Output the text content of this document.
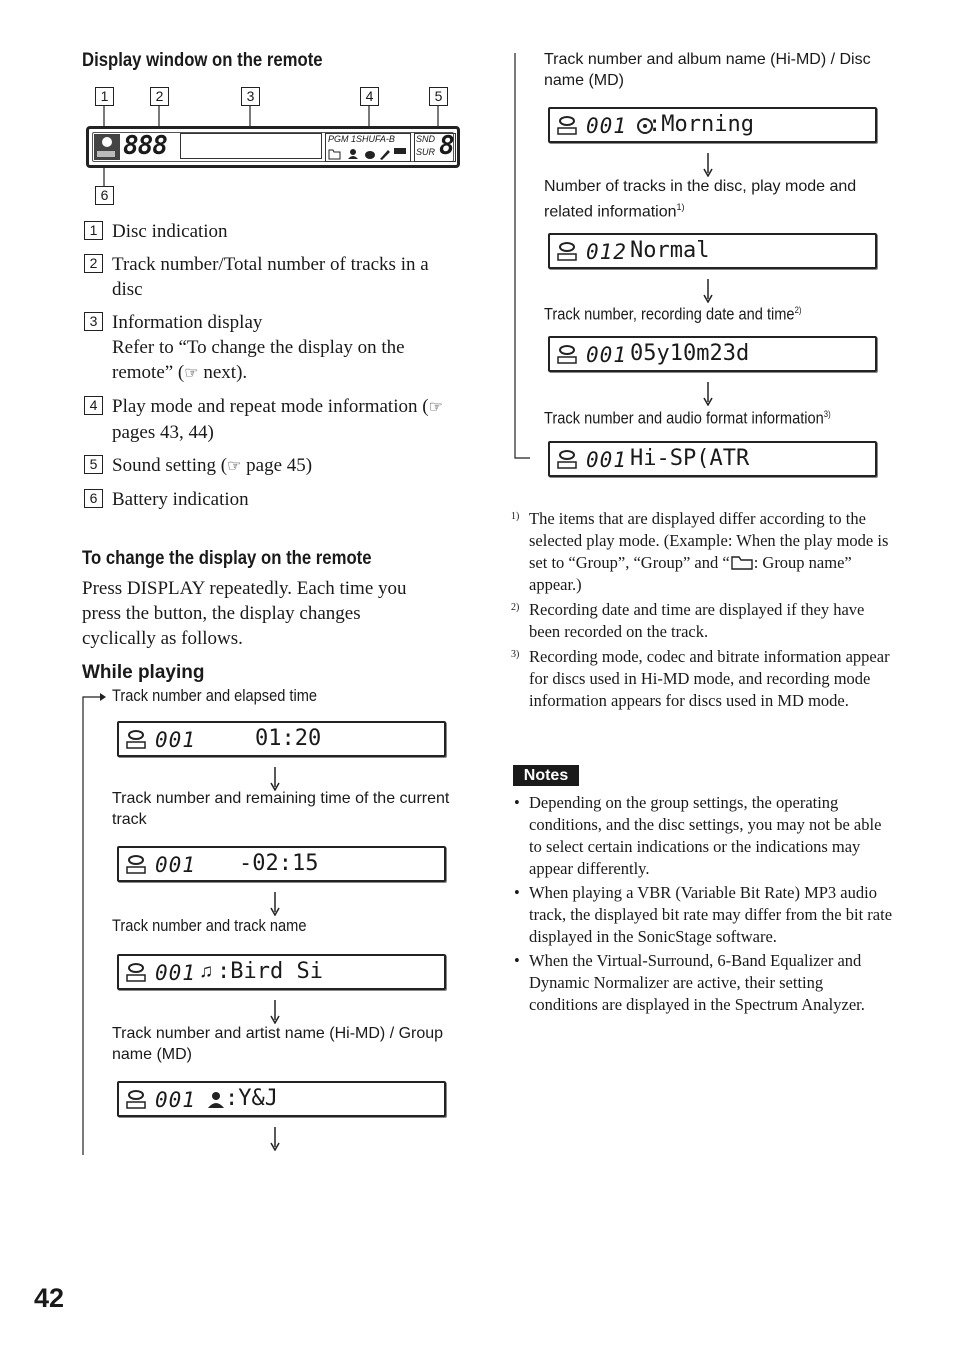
Display window on the remote
1	2	3	4	5
6
888	PGM 1SHUFA-B SND
SUR 8
1 Disc indication
2 Track number/Total number of tracks in a disc
3 Information display
Refer to “To change the display on the remote” (☞ next).
4 Play mode and repeat mode information (☞ pages 43, 44)
5 Sound setting (☞ page 45)
6 Battery indication
To change the display on the remote

Press DISPLAY repeatedly. Each time you press the button, the display changes cyclically as follows.

While playing
Track number and elapsed time
001	01:20
Track number and remaining time of the current track
001 -02:15
Track number and track name
001 ♫ :Bird Si
Track number and artist name (Hi-MD) / Group name (MD)
001 :Y&J
Track number and album name (Hi-MD) / Disc name (MD)
001 :Morning
Number of tracks in the disc, play mode and related information$^{1)}$
012 Normal
Track number, recording date and time$^{2)}$
001 05y10m23d
Track number and audio format information$^{3)}$
001 Hi-SP(ATR
1) The items that are displayed differ according to the selected play mode. (Example: When the play mode is set to “Group”, “Group” and “ : Group name” appear.)
2) Recording date and time are displayed if they have been recorded on the track.
3) Recording mode, codec and bitrate information appear for discs used in Hi-MD mode, and recording mode information appears for discs used in MD mode.
Notes
• Depending on the group settings, the operating conditions, and the disc settings, you may not be able to select certain indications or the indications may appear differently.
• When playing a VBR (Variable Bit Rate) MP3 audio track, the displayed bit rate may differ from the bit rate displayed in the SonicStage software.
• When the Virtual-Surround, 6-Band Equalizer and Dynamic Normalizer are active, their setting conditions are displayed in the Spectrum Analyzer.
42
